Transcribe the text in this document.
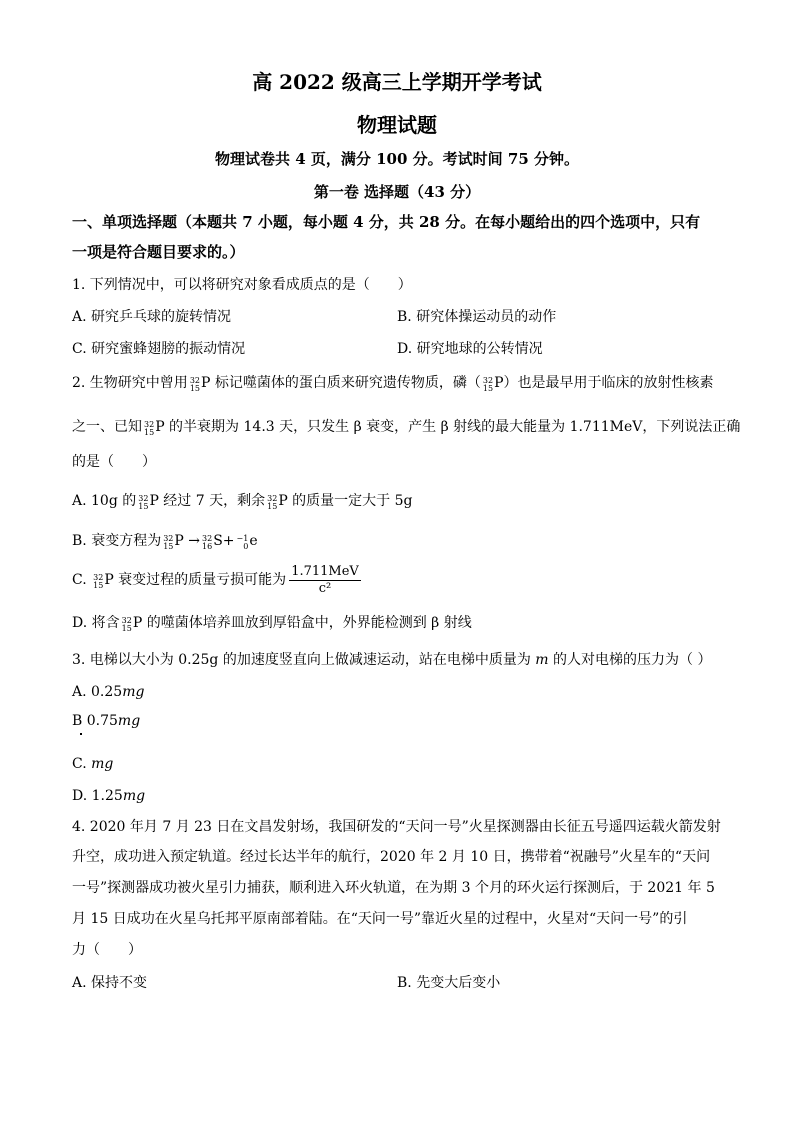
高 2022 级高三上学期开学考试
物理试题
物理试卷共 4 页，满分 100 分。考试时间 75 分钟。
第一卷 选择题（43 分）
一、单项选择题（本题共 7 小题，每小题 4 分，共 28 分。在每小题给出的四个选项中，只有
一项是符合题目要求的。）
1. 下列情况中，可以将研究对象看成质点的是（　　）
A. 研究乒乓球的旋转情况	B. 研究体操运动员的动作
C. 研究蜜蜂翅膀的振动情况	D. 研究地球的公转情况
2. 生物研究中曾用 32
15 P 标记噬菌体的蛋白质来研究遗传物质，磷（ 32
15 P）也是最早用于临床的放射性核素
之一、已知 32
15 P 的半衰期为 14.3 天，只发生 β 衰变，产生 β 射线的最大能量为 1.711MeV，下列说法正确
的是（　　）
A. 10g 的 32
15 P 经过 7 天，剩余 32
15 P 的质量一定大于 5g
B. 衰变方程为 32
15 P → 32
16 S+ −1
0 e
C. 32
15 P 衰变过程的质量亏损可能为 $\frac{\text{1.711MeV}}{\text{c²}}$
D. 将含 32
15 P 的噬菌体培养皿放到厚铅盒中，外界能检测到 β 射线
3. 电梯以大小为 0.25g 的加速度竖直向上做减速运动，站在电梯中质量为 m 的人对电梯的压力为（ ）
A. 0.25mg
B 0.75mg
C. mg
D. 1.25mg
4. 2020 年月 7 月 23 日在文昌发射场，我国研发的“天问一号”火星探测器由长征五号遥四运载火箭发射
升空，成功进入预定轨道。经过长达半年的航行，2020 年 2 月 10 日，携带着“祝融号”火星车的“天问
一号”探测器成功被火星引力捕获，顺利进入环火轨道，在为期 3 个月的环火运行探测后，于 2021 年 5
月 15 日成功在火星乌托邦平原南部着陆。在“天问一号”靠近火星的过程中，火星对“天问一号”的引
力（　　）
A. 保持不变	B. 先变大后变小
